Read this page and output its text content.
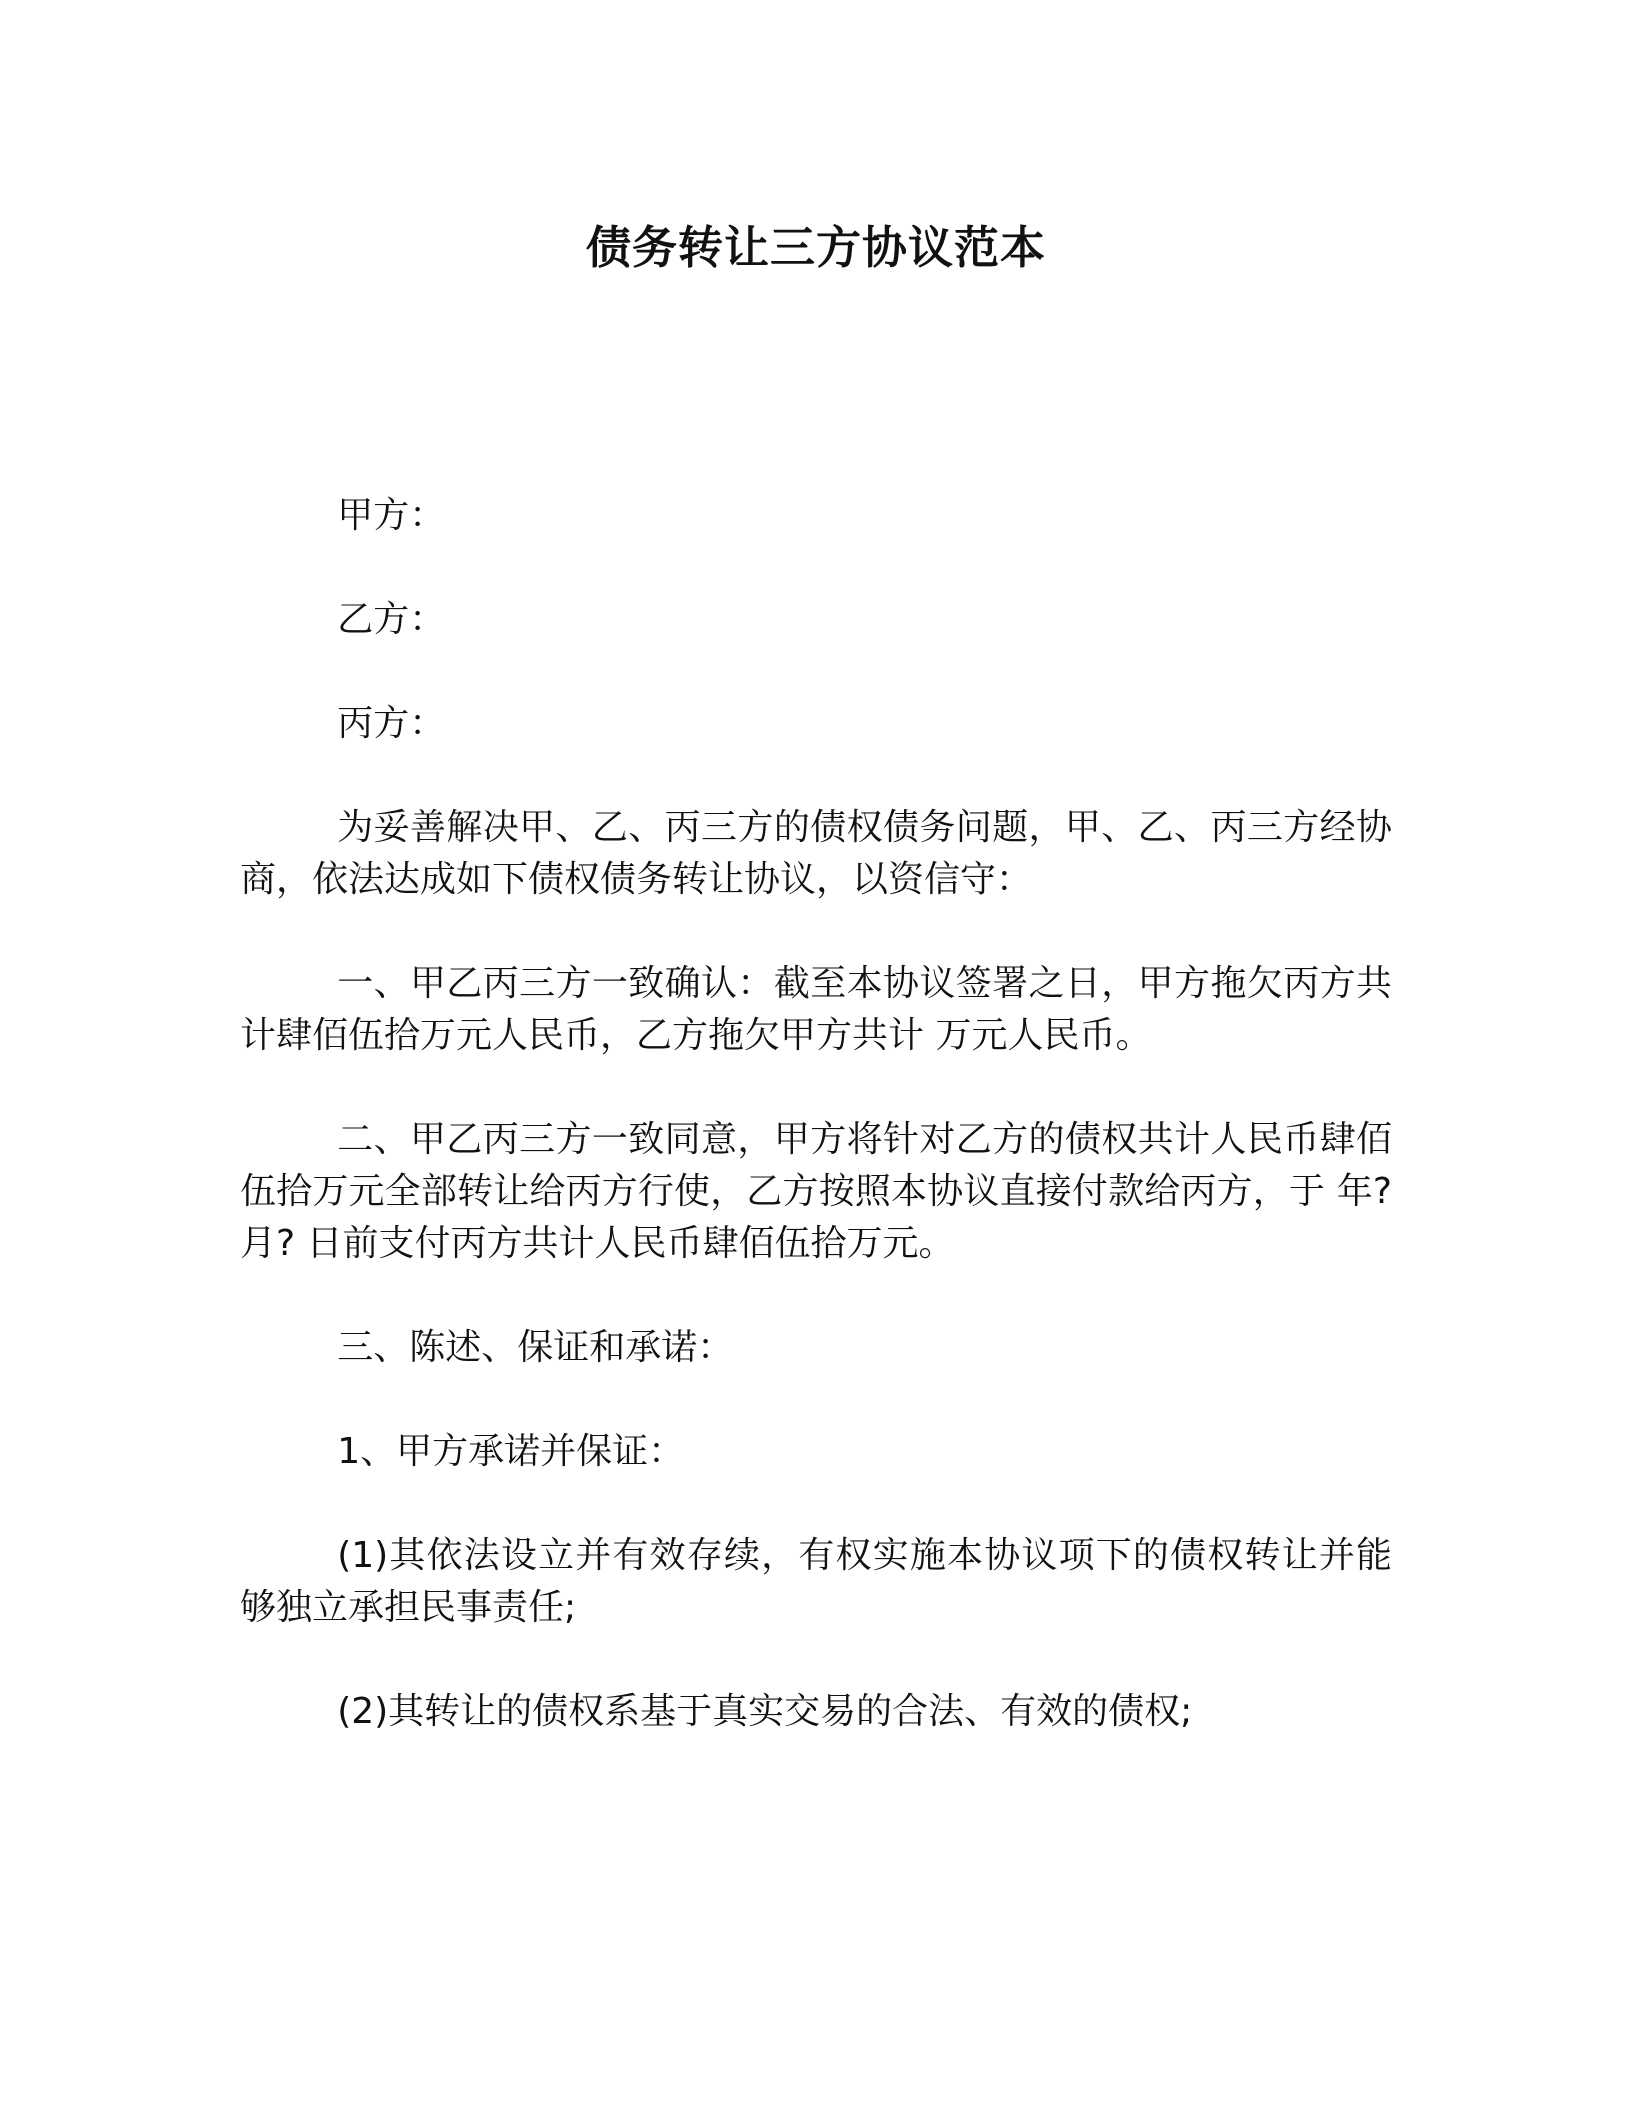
债务转让三方协议范本

甲方：

乙方：

丙方：

为妥善解决甲、乙、丙三方的债权债务问题，甲、乙、丙三方经协商，依法达成如下债权债务转让协议，以资信守：

一、甲乙丙三方一致确认：截至本协议签署之日，甲方拖欠丙方共计肆佰伍拾万元人民币，乙方拖欠甲方共计 万元人民币。

二、甲乙丙三方一致同意，甲方将针对乙方的债权共计人民币肆佰伍拾万元全部转让给丙方行使，乙方按照本协议直接付款给丙方，于 年? 月? 日前支付丙方共计人民币肆佰伍拾万元。

三、陈述、保证和承诺：

1、甲方承诺并保证：

(1)其依法设立并有效存续，有权实施本协议项下的债权转让并能够独立承担民事责任;

(2)其转让的债权系基于真实交易的合法、有效的债权;
